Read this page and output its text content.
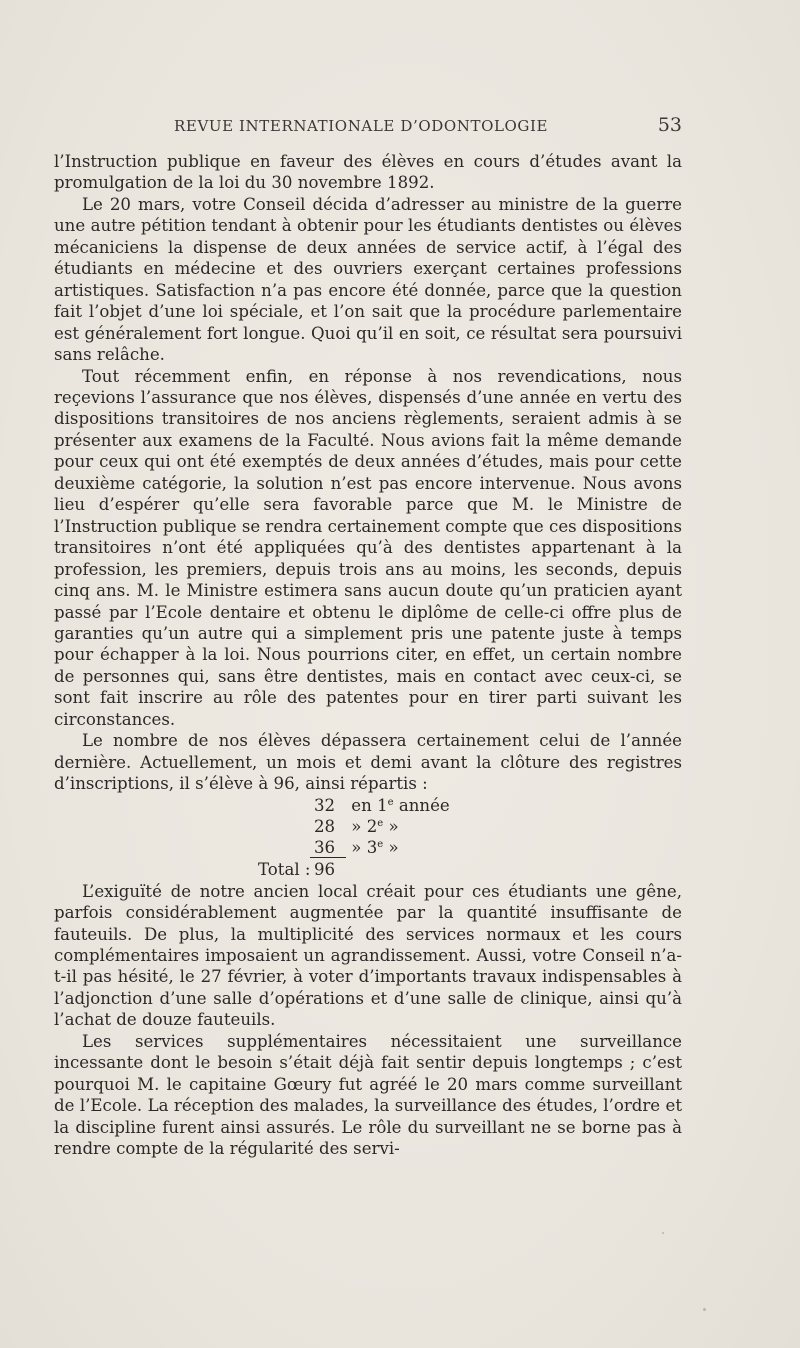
REVUE INTERNATIONALE D’ODONTOLOGIE	53

l’Instruction publique en faveur des élèves en cours d’études avant la promulgation de la loi du 30 novembre 1892.

Le 20 mars, votre Conseil décida d’adresser au ministre de la guerre une autre pétition tendant à obtenir pour les étudiants dentistes ou élèves mécaniciens la dispense de deux années de service actif, à l’égal des étudiants en médecine et des ouvriers exerçant certaines professions artistiques. Satisfaction n’a pas encore été donnée, parce que la question fait l’objet d’une loi spéciale, et l’on sait que la procédure parlementaire est généralement fort longue. Quoi qu’il en soit, ce résultat sera poursuivi sans relâche.

Tout récemment enfin, en réponse à nos revendications, nous reçevions l’assurance que nos élèves, dispensés d’une année en vertu des dispositions transitoires de nos anciens règlements, seraient admis à se présenter aux examens de la Faculté. Nous avions fait la même demande pour ceux qui ont été exemptés de deux années d’études, mais pour cette deuxième catégorie, la solution n’est pas encore intervenue. Nous avons lieu d’espérer qu’elle sera favorable parce que M. le Ministre de l’Instruction publique se rendra certainement compte que ces dispositions transitoires n’ont été appliquées qu’à des dentistes appartenant à la profession, les premiers, depuis trois ans au moins, les seconds, depuis cinq ans. M. le Ministre estimera sans aucun doute qu’un praticien ayant passé par l’Ecole dentaire et obtenu le diplôme de celle-ci offre plus de garanties qu’un autre qui a simplement pris une patente juste à temps pour échapper à la loi. Nous pourrions citer, en effet, un certain nombre de personnes qui, sans être dentistes, mais en contact avec ceux-ci, se sont fait inscrire au rôle des patentes pour en tirer parti suivant les circonstances.

Le nombre de nos élèves dépassera certainement celui de l’année dernière. Actuellement, un mois et demi avant la clôture des registres d’inscriptions, il s’élève à 96, ainsi répartis :

32 en 1e année
28 » 2e »
36 » 3e »
Total : 96

L’exiguïté de notre ancien local créait pour ces étudiants une gêne, parfois considérablement augmentée par la quantité insuffisante de fauteuils. De plus, la multiplicité des services normaux et les cours complémentaires imposaient un agrandissement. Aussi, votre Conseil n’a-t-il pas hésité, le 27 février, à voter d’importants travaux indispensables à l’adjonction d’une salle d’opérations et d’une salle de clinique, ainsi qu’à l’achat de douze fauteuils.

Les services supplémentaires nécessitaient une surveillance incessante dont le besoin s’était déjà fait sentir depuis longtemps ; c’est pourquoi M. le capitaine Gœury fut agréé le 20 mars comme surveillant de l’Ecole. La réception des malades, la surveillance des études, l’ordre et la discipline furent ainsi assurés. Le rôle du surveillant ne se borne pas à rendre compte de la régularité des servi-
